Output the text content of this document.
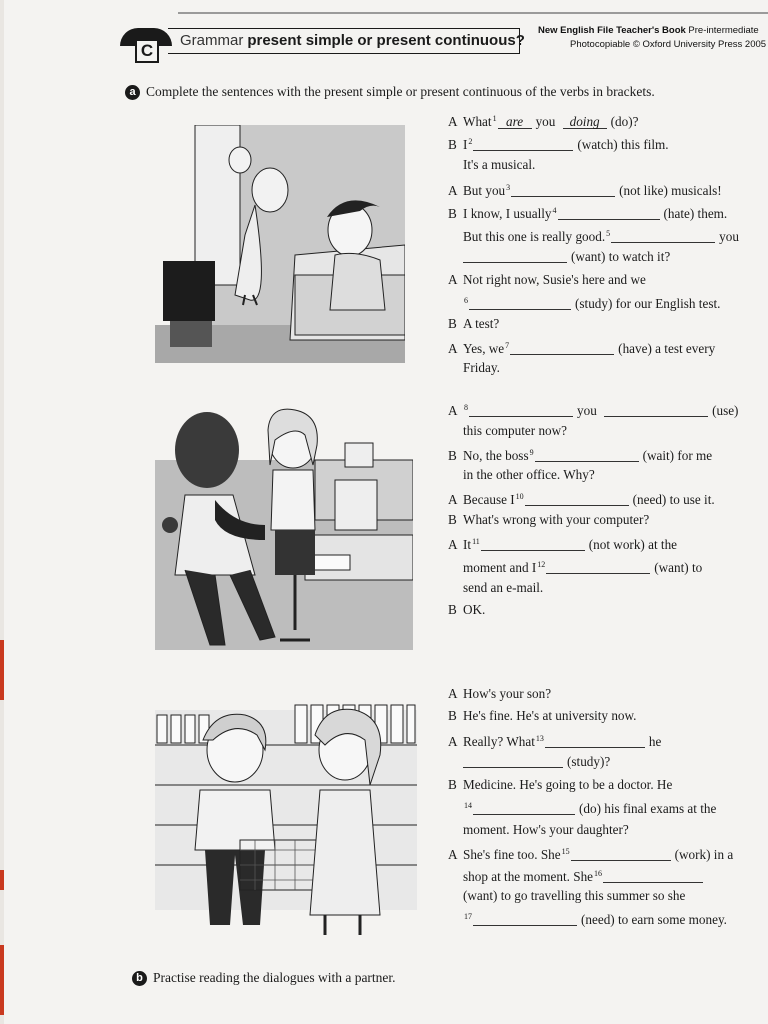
C
Grammar present simple or present continuous?
New English File Teacher's Book Pre-intermediate
Photocopiable © Oxford University Press 2005
a Complete the sentences with the present simple or present continuous of the verbs in brackets.
A What$^1$ are you doing (do)?
B $I^2$	(watch) this film.
It's a musical.
A But you$^3$	(not like) musicals!
B I know, I usually$^4$	(hate) them.
But this one is really good.$^5$	you
(want) to watch it?
A Not right now, Susie's here and we
$^6$	(study) for our English test.
B A test?
A Yes, $we^7$	(have) a test every
Friday.
A $^8$	you	(use)
this computer now?
B No, the boss$^9$	(wait) for me
in the other office. Why?
A Because $I^{10}$	(need) to use it.
B What's wrong with your computer?
A It$^{11}$	(not work) at the
moment and $I^{12}$	(want) to
send an e-mail.
B OK.
A How's your son?
B He's fine. He's at university now.
A Really? What$^{13}$	he
(study)?
B Medicine. He's going to be a doctor. He
$^{14}$	(do) his final exams at the
moment. How's your daughter?
A She's fine too. She$^{15}$	(work) in a
shop at the moment. She$^{16}$
(want) to go travelling this summer so she
$^{17}$	(need) to earn some money.
b Practise reading the dialogues with a partner.
